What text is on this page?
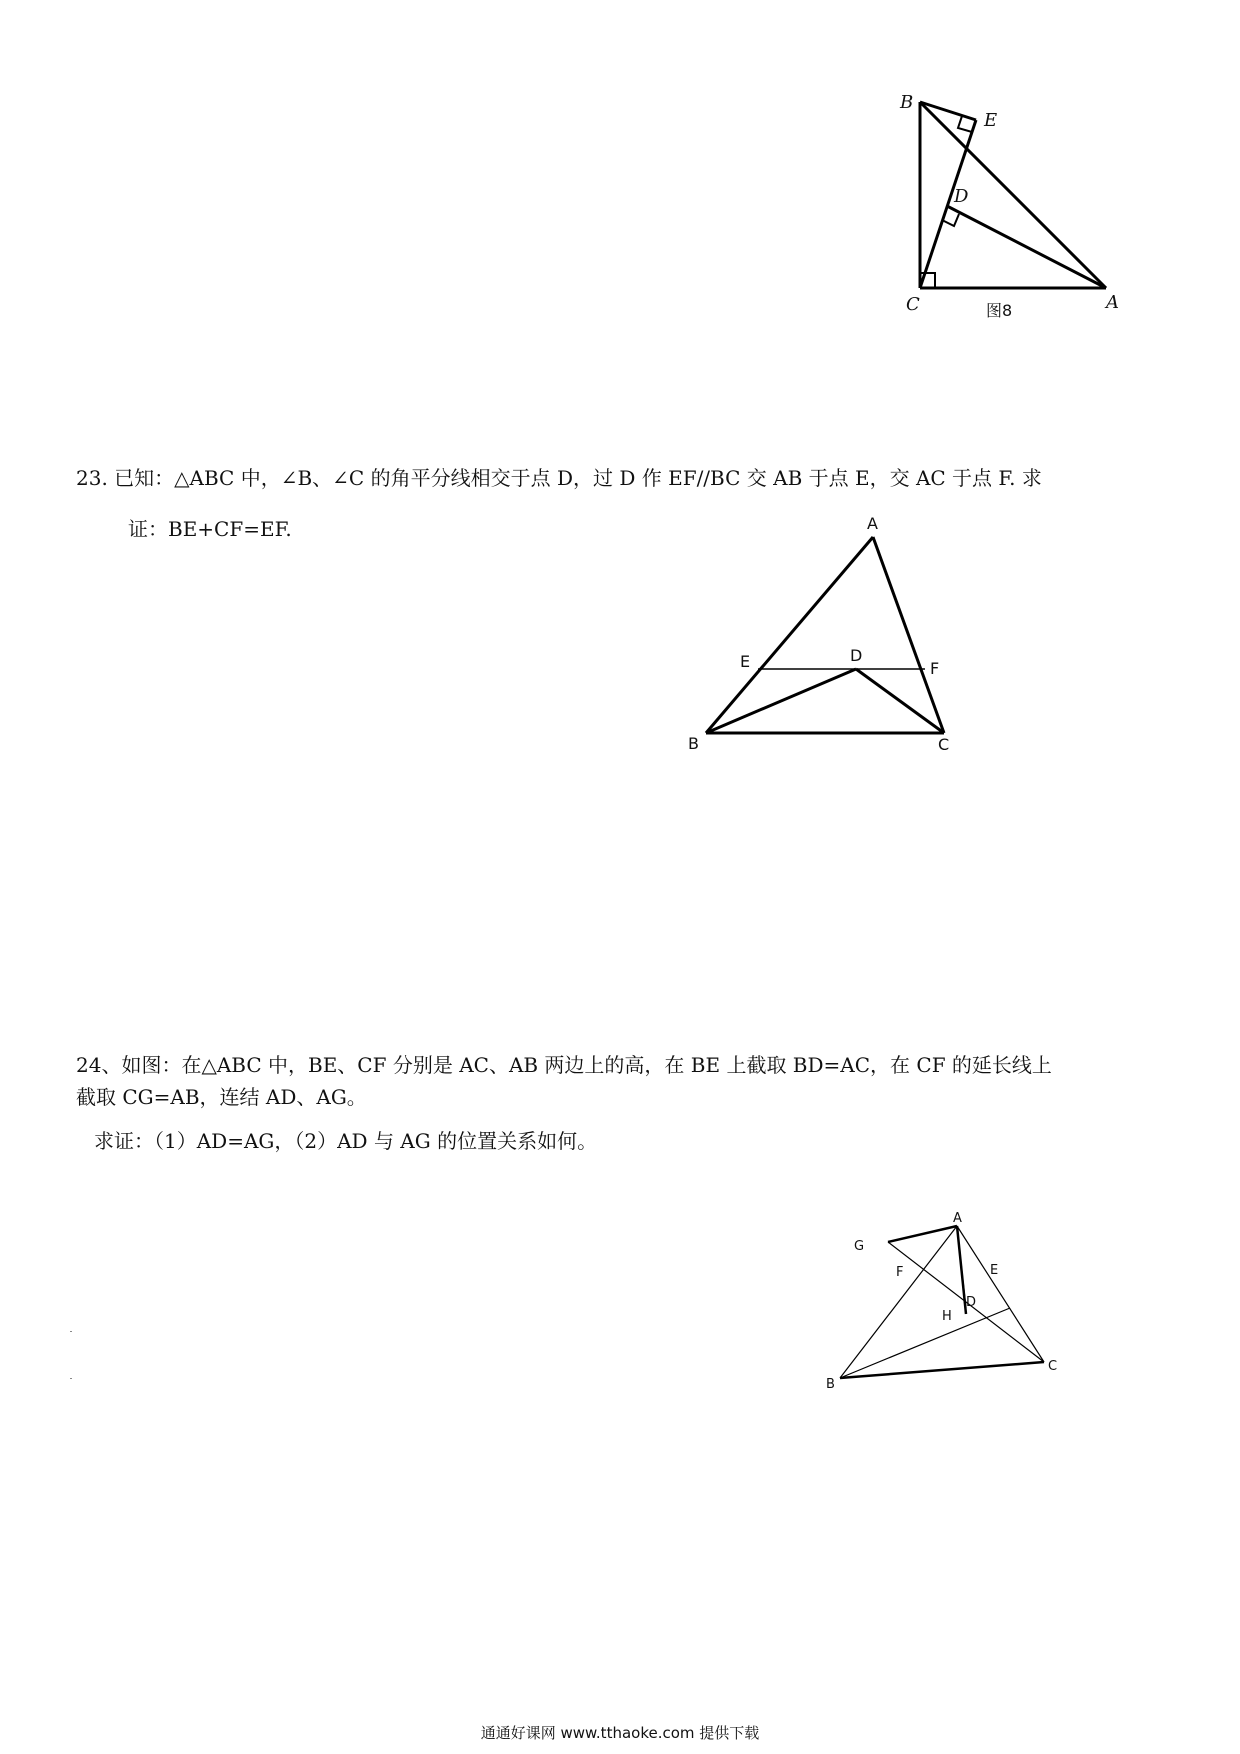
B
E
D
C	A
图8
23. 已知：△ABC 中，∠B、∠C 的角平分线相交于点 D，过 D 作 EF//BC 交 AB 于点 E，交 AC 于点 F. 求
证：BE+CF=EF.	A
E	D
F
B	C
24、如图：在△ABC 中，BE、CF 分别是 AC、AB 两边上的高，在 BE 上截取 BD=AC，在 CF 的延长线上
截取 CG=AB，连结 AD、AG。
求证：（1）AD=AG，（2）AD 与 AG 的位置关系如何。
A
G
F	E
D
H
B
C
通通好课网 www.tthaoke.com 提供下载
